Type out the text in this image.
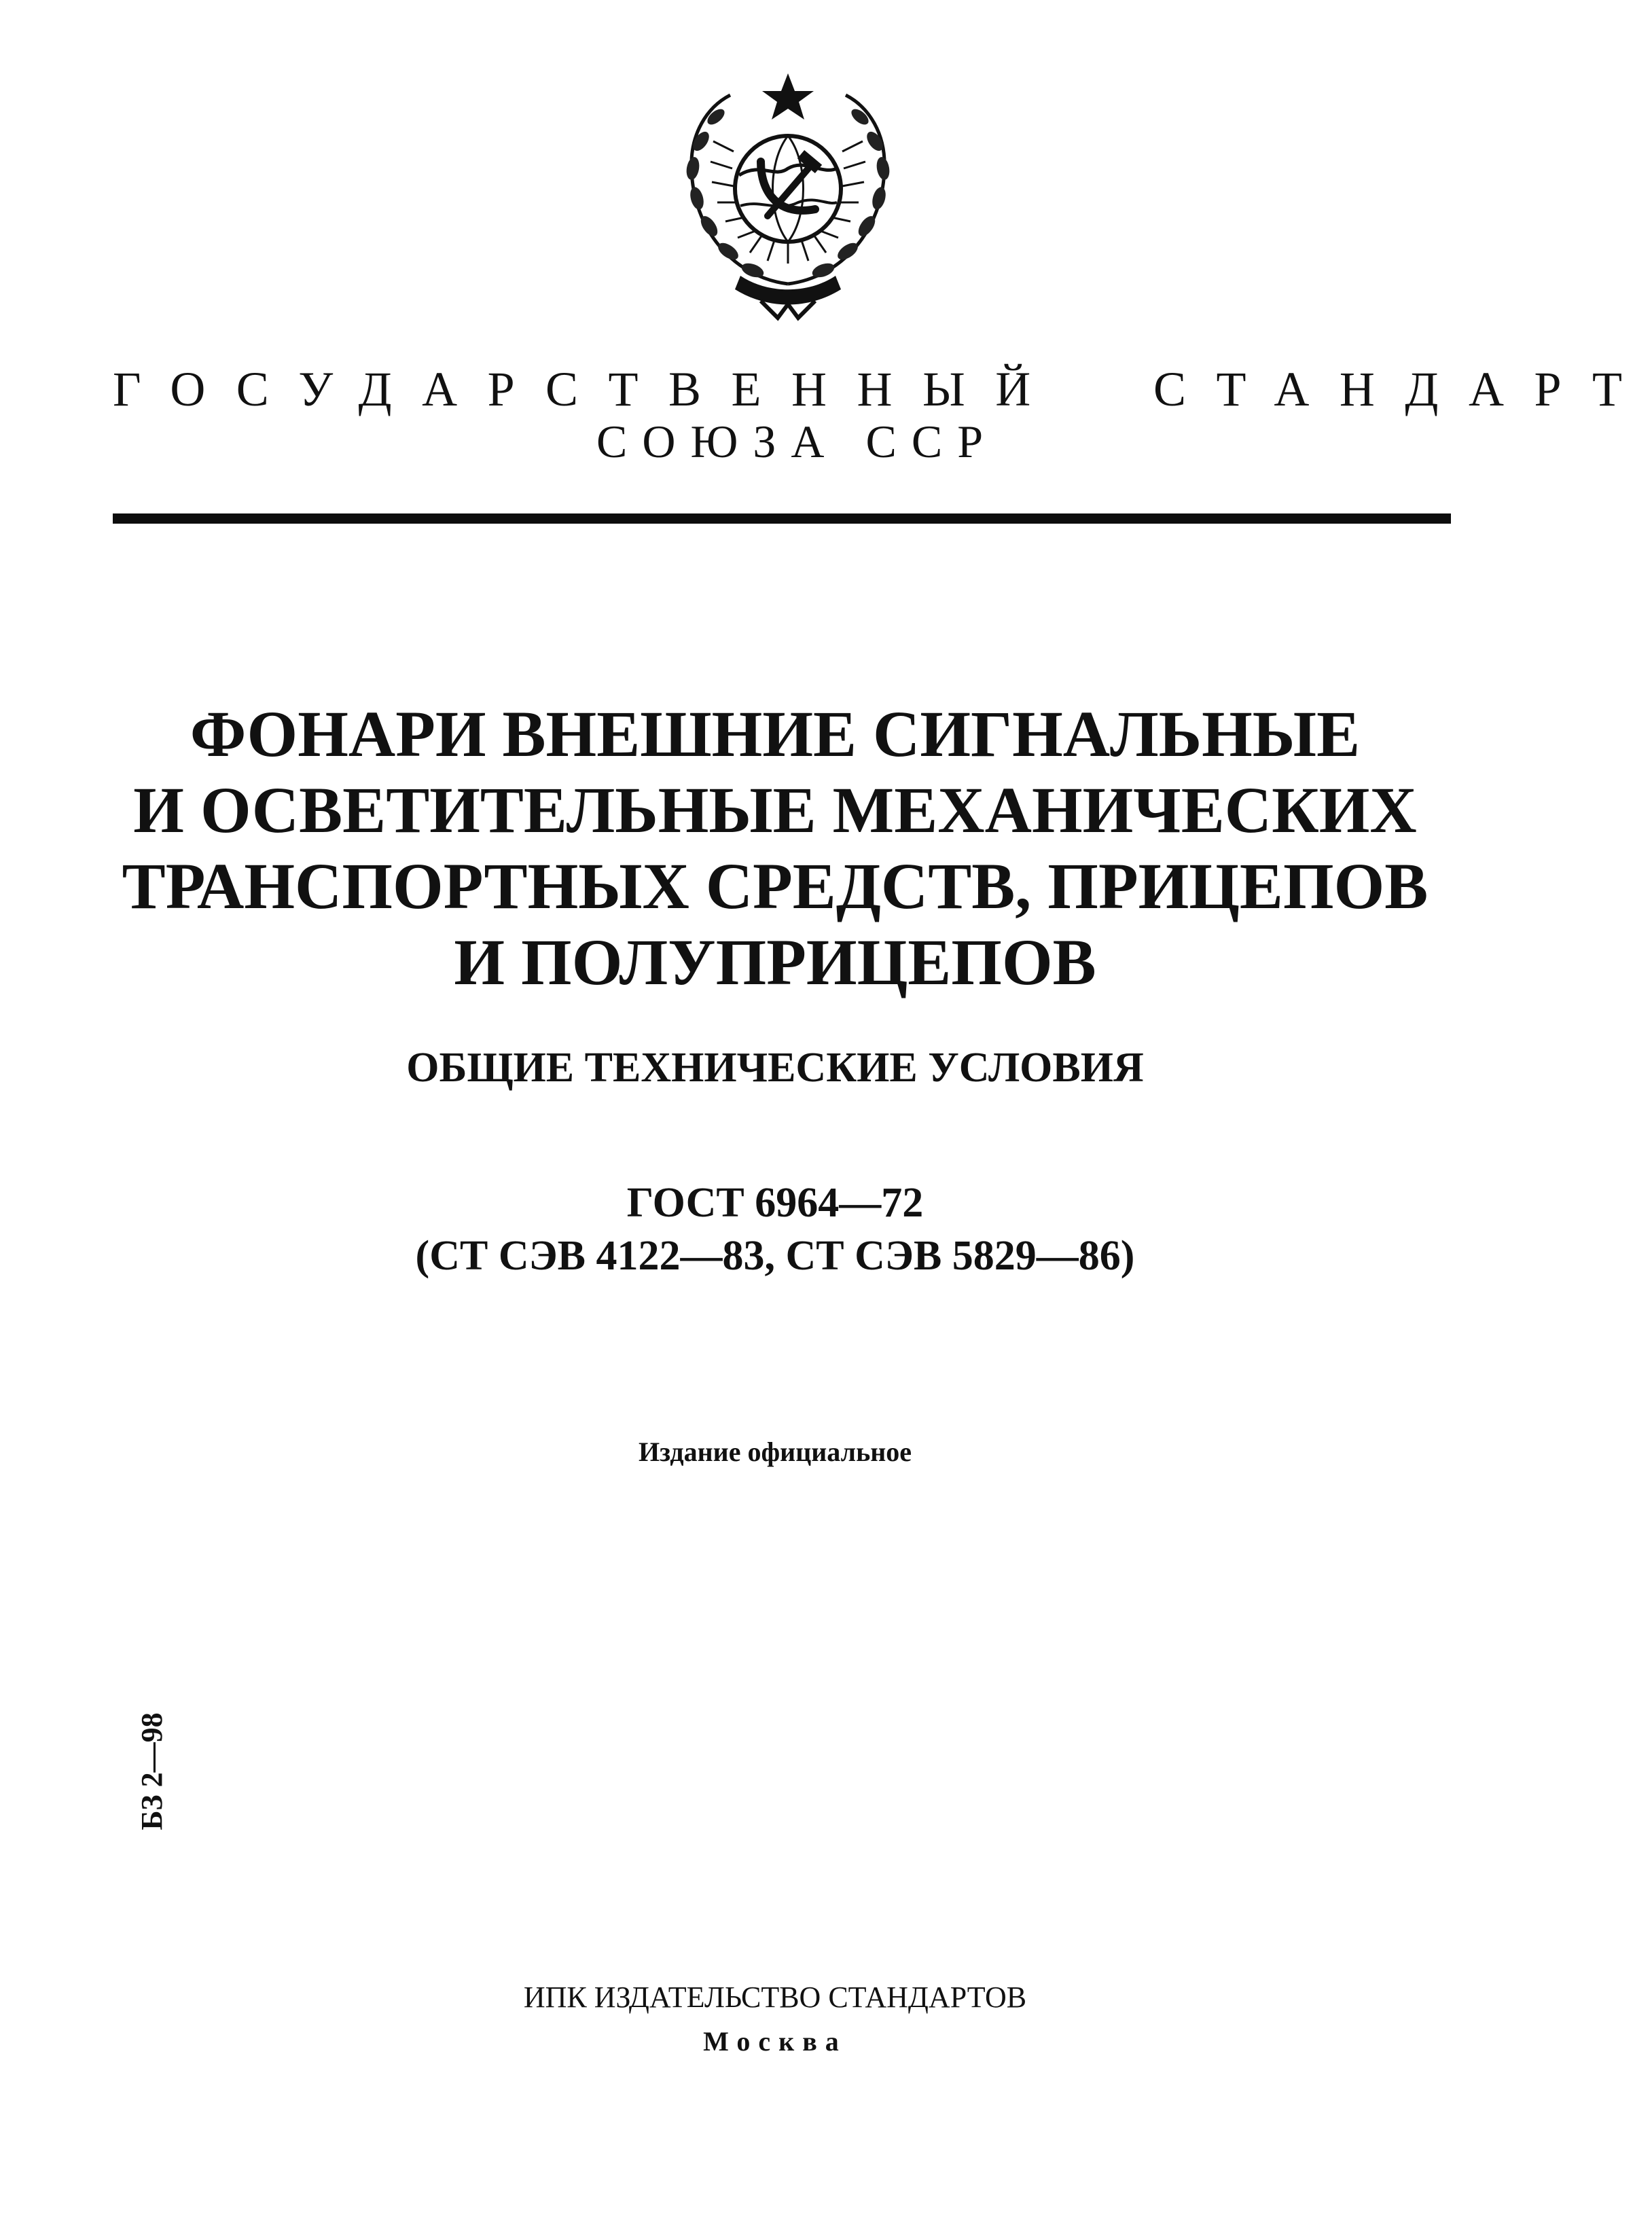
ГОСУДАРСТВЕННЫЙ СТАНДАРТ
СОЮЗА ССР
ФОНАРИ ВНЕШНИЕ СИГНАЛЬНЫЕ
И ОСВЕТИТЕЛЬНЫЕ МЕХАНИЧЕСКИХ
ТРАНСПОРТНЫХ СРЕДСТВ, ПРИЦЕПОВ
И ПОЛУПРИЦЕПОВ
ОБЩИЕ ТЕХНИЧЕСКИЕ УСЛОВИЯ
ГОСТ 6964—72
(СТ СЭВ 4122—83, СТ СЭВ 5829—86)
Издание официальное
БЗ 2—98
ИПК ИЗДАТЕЛЬСТВО СТАНДАРТОВ
Москва
